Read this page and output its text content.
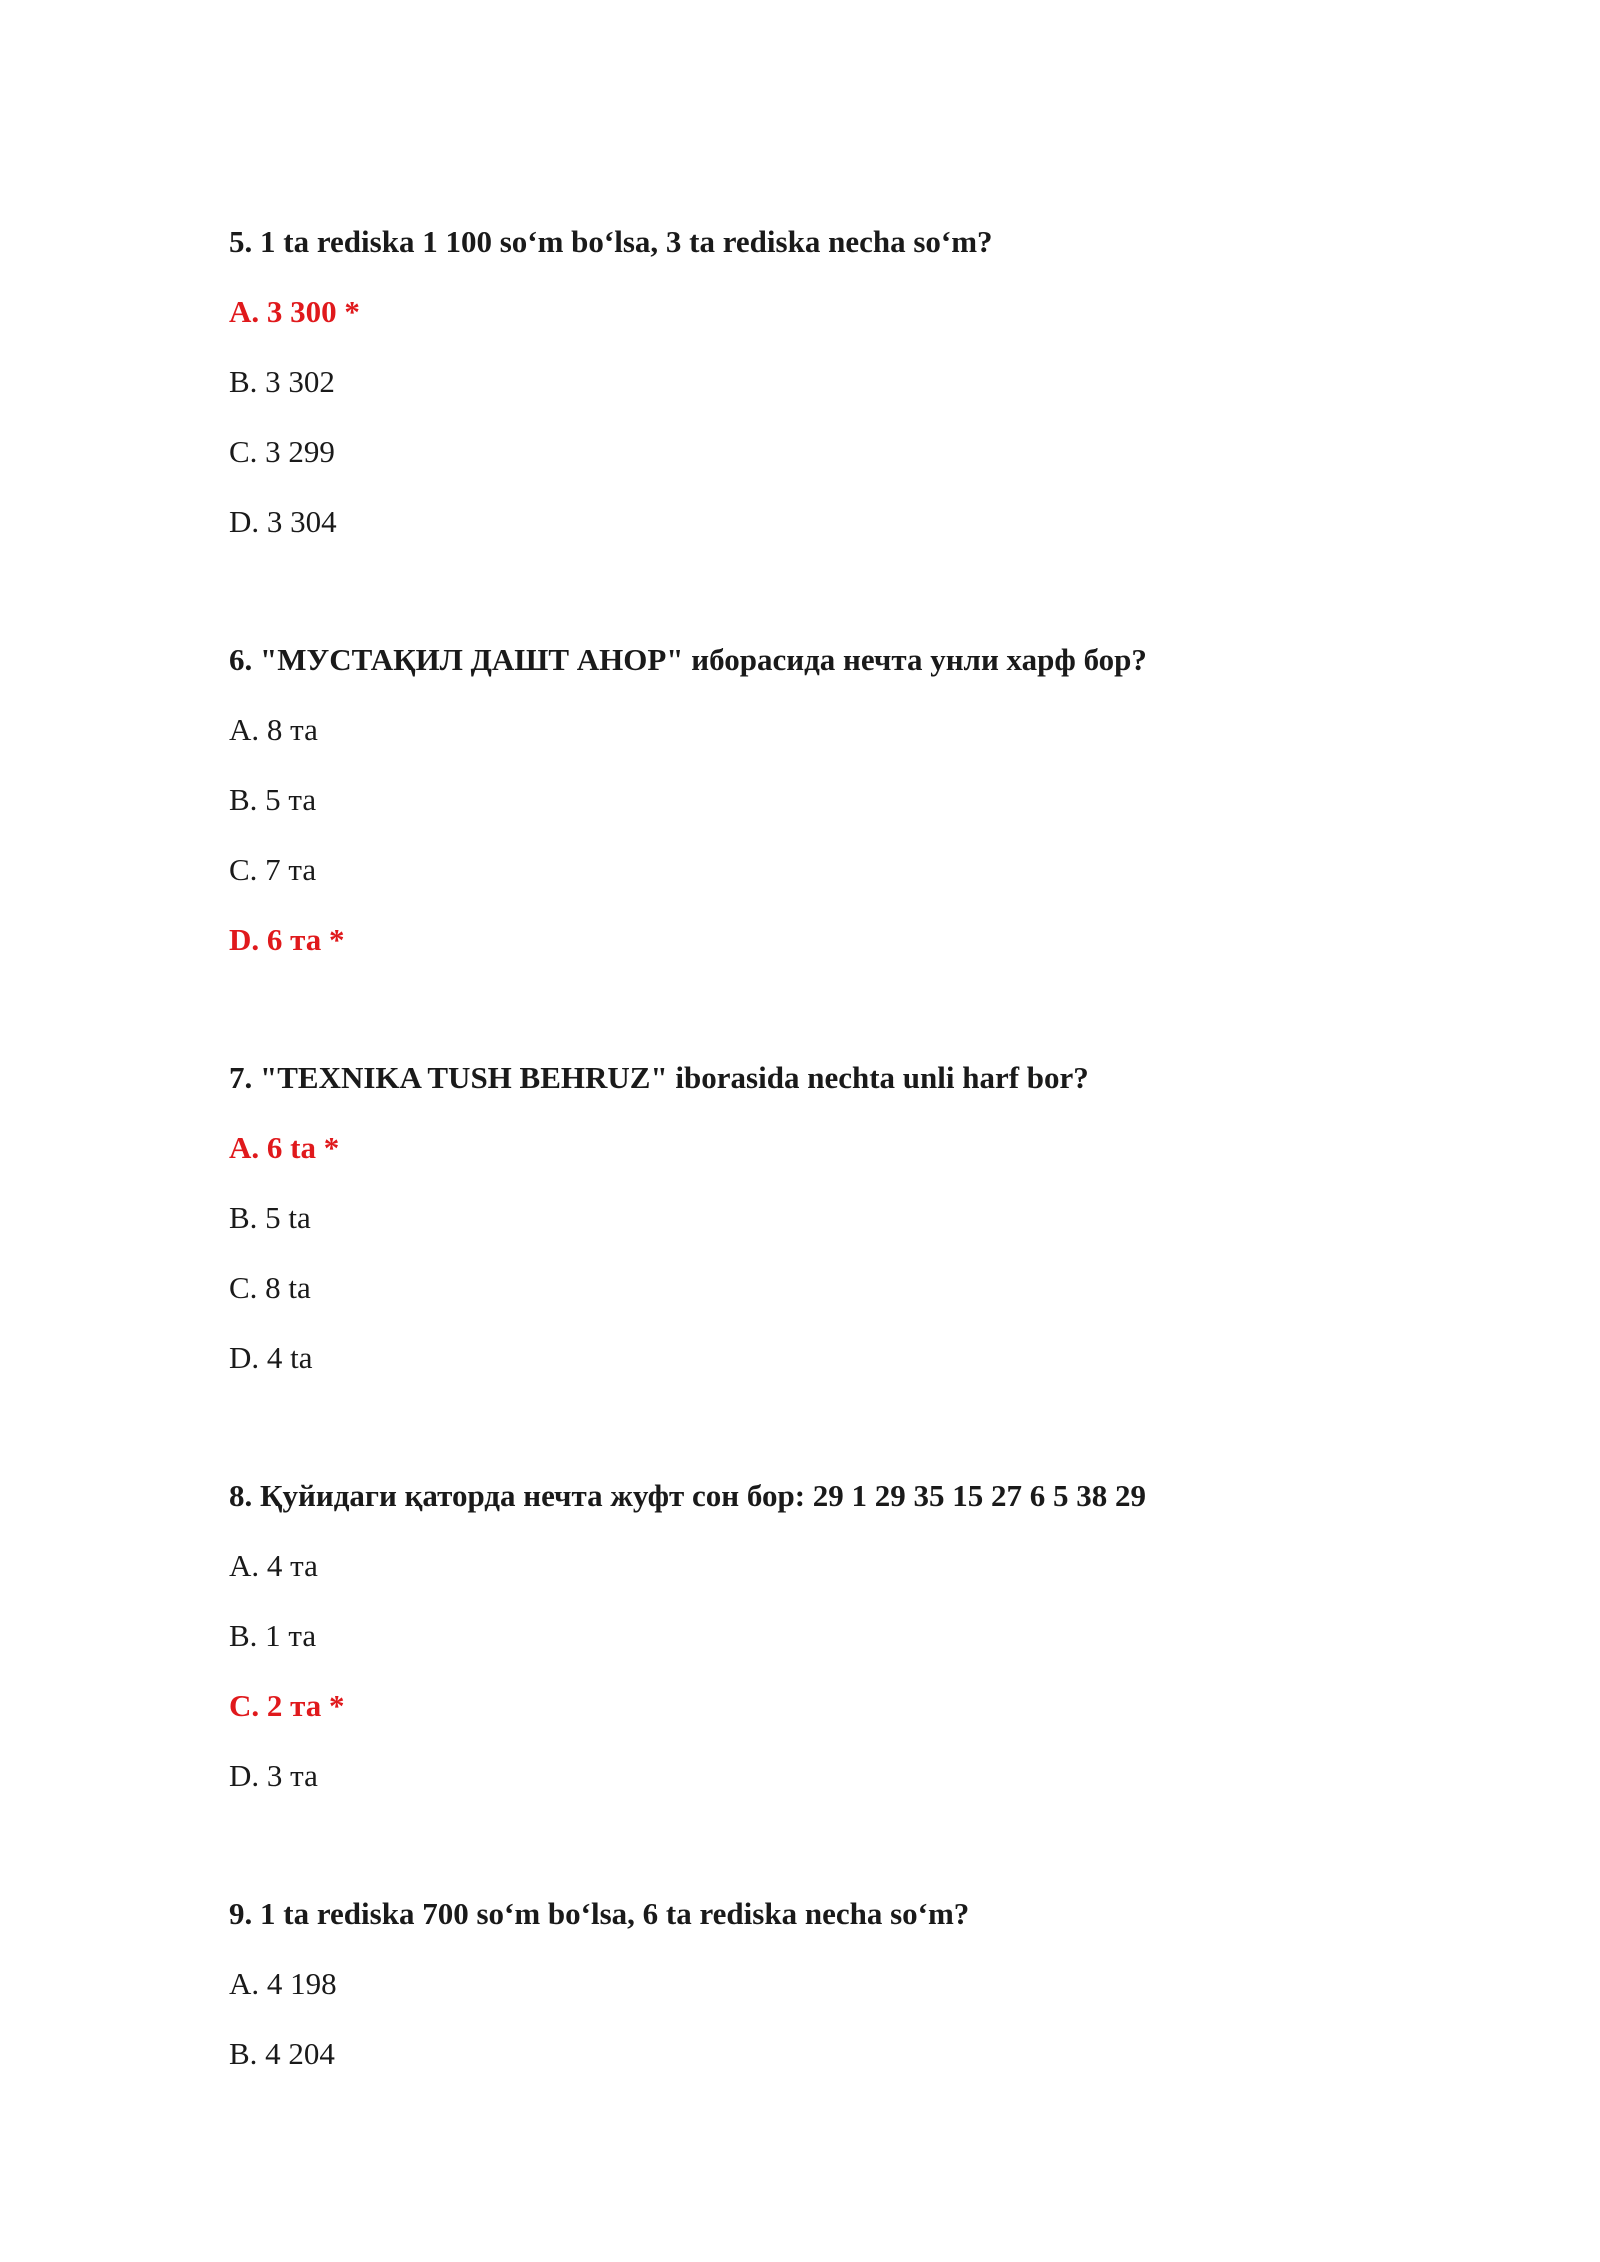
5. 1 ta rediska 1 100 so‘m bo‘lsa, 3 ta rediska necha so‘m?

A. 3 300 *

B. 3 302

C. 3 299

D. 3 304

6. "МУСТАҚИЛ ДАШТ АНОР" иборасида нечта унли харф бор?

A. 8 та

B. 5 та

C. 7 та

D. 6 та *

7. "TEXNIKA TUSH BEHRUZ" iborasida nechta unli harf bor?

A. 6 ta *

B. 5 ta

C. 8 ta

D. 4 ta

8. Қуйидаги қаторда нечта жуфт сон бор: 29 1 29 35 15 27 6 5 38 29

A. 4 та

B. 1 та

C. 2 та *

D. 3 та

9. 1 ta rediska 700 so‘m bo‘lsa, 6 ta rediska necha so‘m?

A. 4 198

B. 4 204
